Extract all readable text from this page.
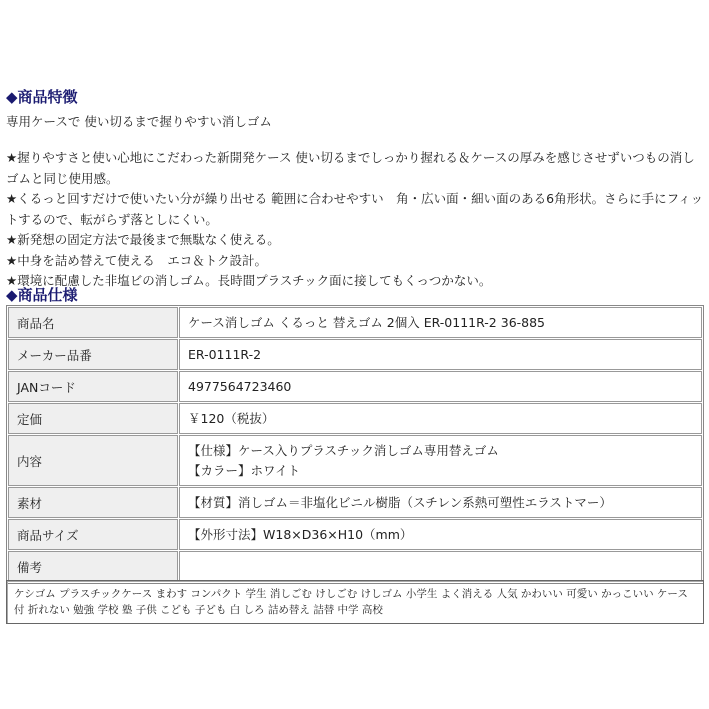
◆商品特徴
専用ケースで 使い切るまで握りやすい消しゴム
★握りやすさと使い心地にこだわった新開発ケース 使い切るまでしっかり握れる＆ケースの厚みを感じさせずいつもの消しゴムと同じ使用感。
★くるっと回すだけで使いたい分が繰り出せる 範囲に合わせやすい　角・広い面・細い面のある6角形状。さらに手にフィットするので、転がらず落としにくい。
★新発想の固定方法で最後まで無駄なく使える。
★中身を詰め替えて使える　エコ＆トク設計。
★環境に配慮した非塩ビの消しゴム。長時間プラスチック面に接してもくっつかない。
◆商品仕様
商品名	ケース消しゴム くるっと 替えゴム 2個入 ER-0111R-2 36-885
メーカー品番	ER-0111R-2
JANコード	4977564723460
定価	￥120（税抜）
内容	【仕様】ケース入りプラスチック消しゴム専用替えゴム
【カラー】ホワイト

素材	【材質】消しゴム＝非塩化ビニル樹脂（スチレン系熱可塑性エラストマー）
商品サイズ	【外形寸法】W18×D36×H10（mm）
備考	
ケシゴム プラスチックケース まわす コンパクト 学生 消しごむ けしごむ けしゴム 小学生 よく消える 人気 かわいい 可愛い かっこいい ケース付 折れない 勉強 学校 塾 子供 こども 子ども 白 しろ 詰め替え 詰替 中学 高校
